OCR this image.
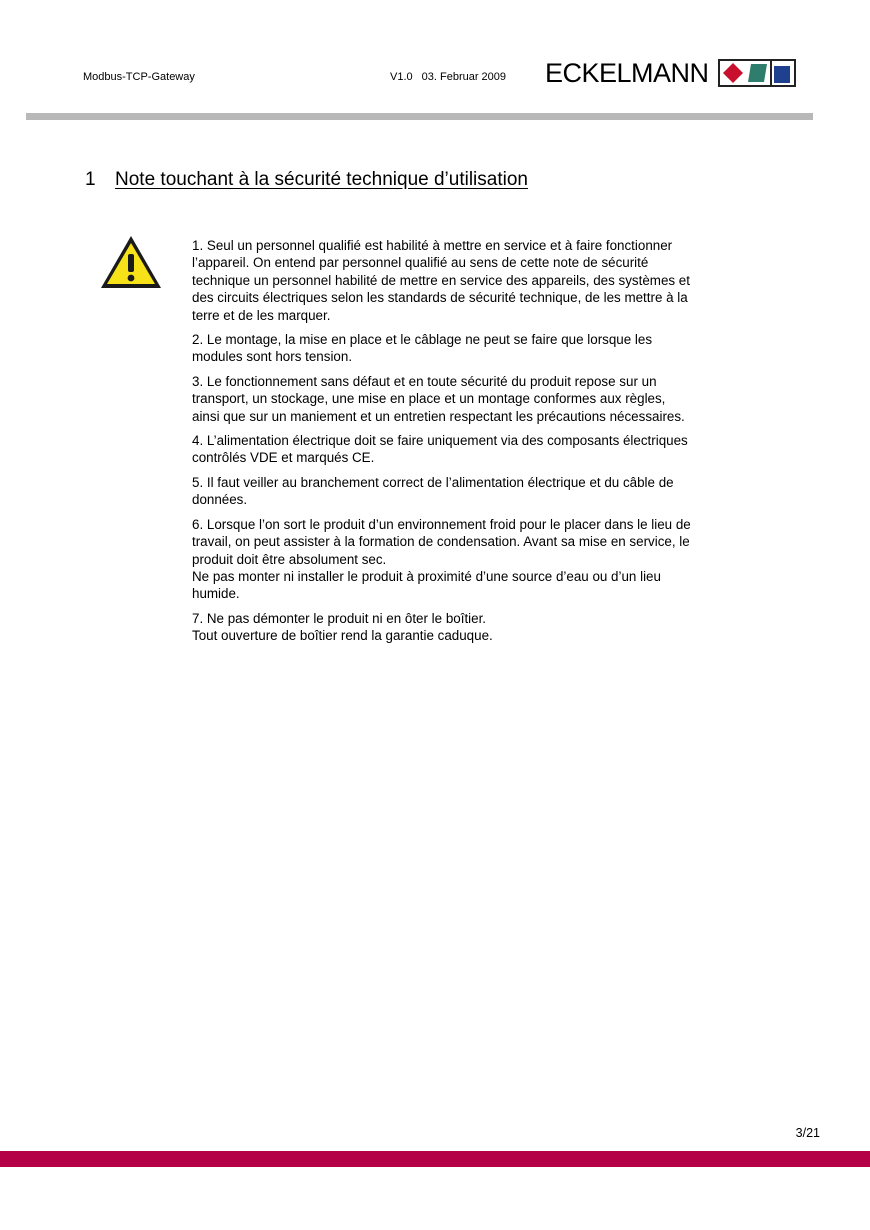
Modbus-TCP-Gateway	V1.0 03. Februar 2009 ECKELMANN
1	Note touchant à la sécurité technique d’utilisation

1. Seul un personnel qualifié est habilité à mettre en service et à faire fonctionner
l’appareil. On entend par personnel qualifié au sens de cette note de sécurité
technique un personnel habilité de mettre en service des appareils, des systèmes et
des circuits électriques selon les standards de sécurité technique, de les mettre à la
terre et de les marquer.

2. Le montage, la mise en place et le câblage ne peut se faire que lorsque les
modules sont hors tension.

3. Le fonctionnement sans défaut et en toute sécurité du produit repose sur un
transport, un stockage, une mise en place et un montage conformes aux règles,
ainsi que sur un maniement et un entretien respectant les précautions nécessaires.

4. L’alimentation électrique doit se faire uniquement via des composants électriques
contrôlés VDE et marqués CE.

5. Il faut veiller au branchement correct de l’alimentation électrique et du câble de
données.

6. Lorsque l’on sort le produit d’un environnement froid pour le placer dans le lieu de
travail, on peut assister à la formation de condensation. Avant sa mise en service, le
produit doit être absolument sec.
Ne pas monter ni installer le produit à proximité d’une source d’eau ou d’un lieu
humide.

7. Ne pas démonter le produit ni en ôter le boîtier.
Tout ouverture de boîtier rend la garantie caduque.

3/21
